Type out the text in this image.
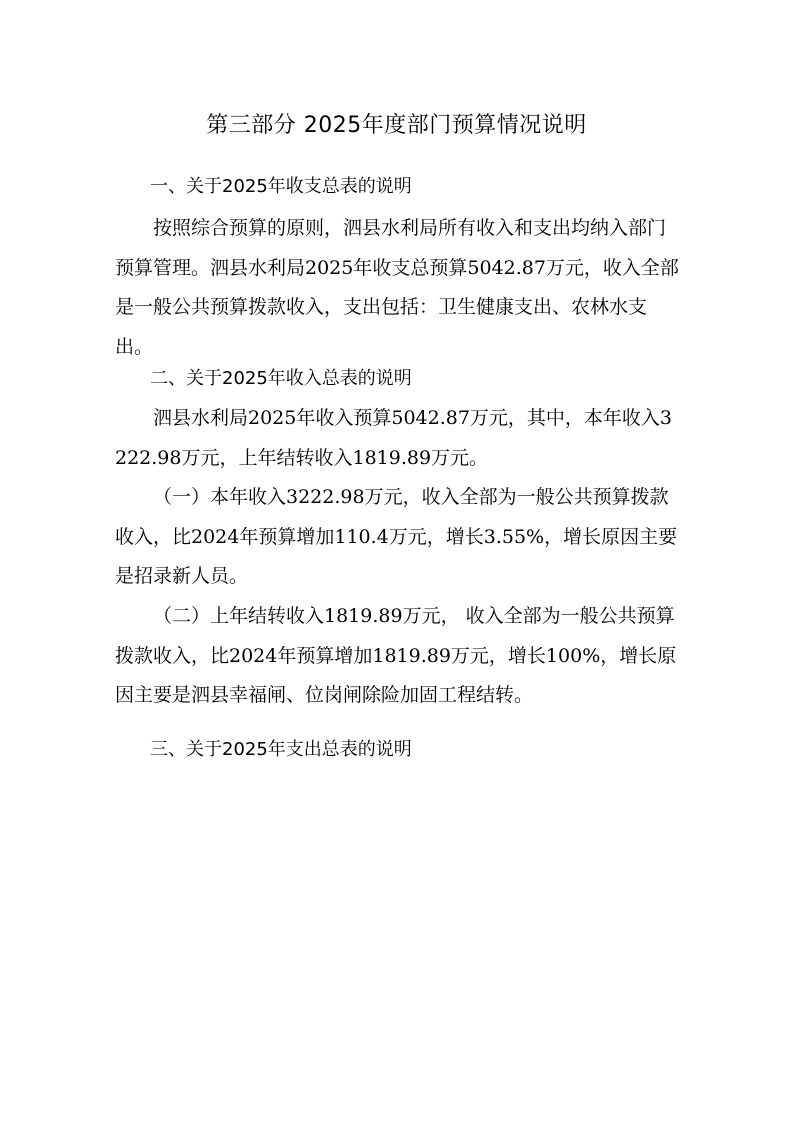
第三部分 2025年度部门预算情况说明
一、关于2025年收支总表的说明

按照综合预算的原则，泗县水利局所有收入和支出均纳入部门预算管理。泗县水利局2025年收支总预算5042.87万元，收入全部是一般公共预算拨款收入，支出包括：卫生健康支出、农林水支出。

二、关于2025年收入总表的说明

泗县水利局2025年收入预算5042.87万元，其中，本年收入3222.98万元，上年结转收入1819.89万元。

（一）本年收入3222.98万元，收入全部为一般公共预算拨款收入，比2024年预算增加110.4万元，增长3.55%，增长原因主要是招录新人员。

（二）上年结转收入1819.89万元， 收入全部为一般公共预算拨款收入，比2024年预算增加1819.89万元，增长100%，增长原因主要是泗县幸福闸、位岗闸除险加固工程结转。

三、关于2025年支出总表的说明
